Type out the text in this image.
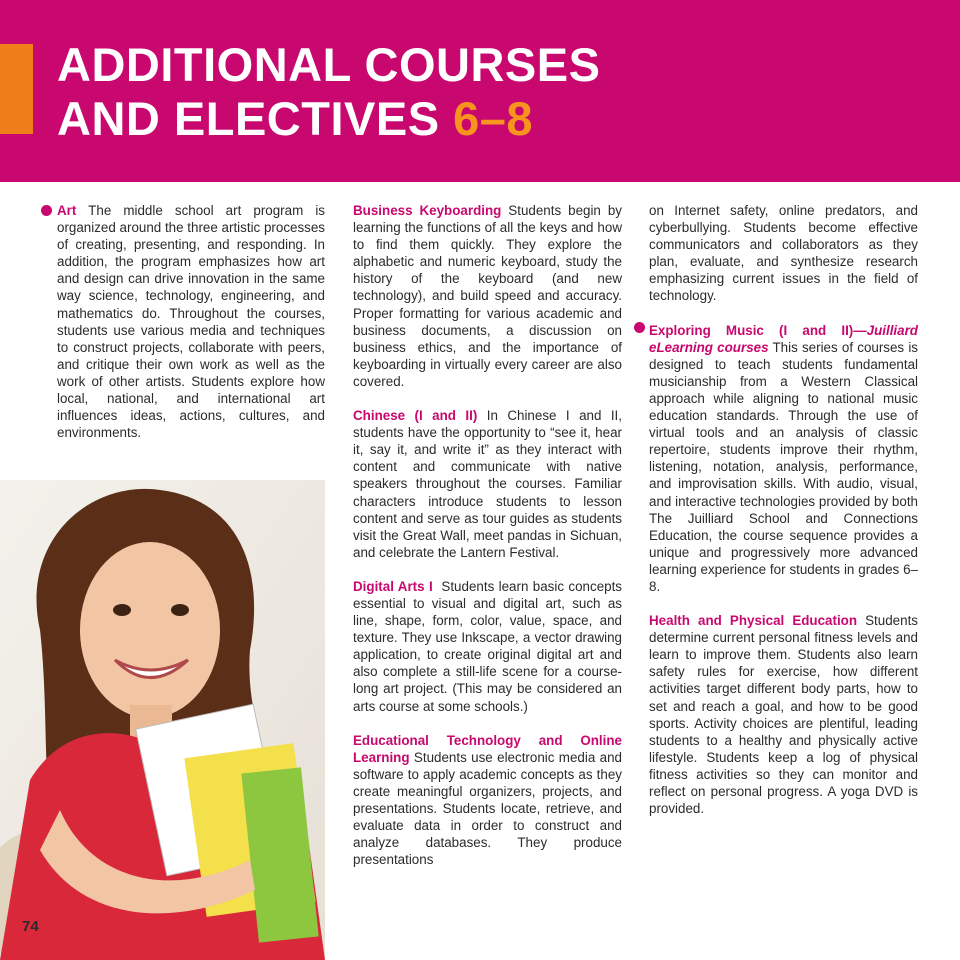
ADDITIONAL COURSES
AND ELECTIVES 6–8

Art The middle school art program is organized around the three artistic processes of creating, presenting, and responding. In addition, the program emphasizes how art and design can drive innovation in the same way science, technology, engineering, and mathematics do. Throughout the courses, students use various media and techniques to construct projects, collaborate with peers, and critique their own work as well as the work of other artists. Students explore how local, national, and international art influences ideas, actions, cultures, and environments.

74

Business Keyboarding Students begin by learning the functions of all the keys and how to find them quickly. They explore the alphabetic and numeric keyboard, study the history of the keyboard (and new technology), and build speed and accuracy. Proper formatting for various academic and business documents, a discussion on business ethics, and the importance of keyboarding in virtually every career are also covered.

Chinese (I and II) In Chinese I and II, students have the opportunity to “see it, hear it, say it, and write it” as they interact with content and communicate with native speakers throughout the courses. Familiar characters introduce students to lesson content and serve as tour guides as students visit the Great Wall, meet pandas in Sichuan, and celebrate the Lantern Festival.

Digital Arts I  Students learn basic concepts essential to visual and digital art, such as line, shape, form, color, value, space, and texture. They use Inkscape, a vector drawing application, to create original digital art and also complete a still-life scene for a course-long art project. (This may be considered an arts course at some schools.)

Educational Technology and Online Learning Students use electronic media and software to apply academic concepts as they create meaningful organizers, projects, and presentations. Students locate, retrieve, and evaluate data in order to construct and analyze databases. They produce presentations

on Internet safety, online predators, and cyberbullying. Students become effective communicators and collaborators as they plan, evaluate, and synthesize research emphasizing current issues in the field of technology.

Exploring Music (I and II)—Juilliard eLearning courses This series of courses is designed to teach students fundamental musicianship from a Western Classical approach while aligning to national music education standards. Through the use of virtual tools and an analysis of classic repertoire, students improve their rhythm, listening, notation, analysis, performance, and improvisation skills. With audio, visual, and interactive technologies provided by both The Juilliard School and Connections Education, the course sequence provides a unique and progressively more advanced learning experience for students in grades 6–8.

Health and Physical Education Students determine current personal fitness levels and learn to improve them. Students also learn safety rules for exercise, how different activities target different body parts, how to set and reach a goal, and how to be good sports. Activity choices are plentiful, leading students to a healthy and physically active lifestyle. Students keep a log of physical fitness activities so they can monitor and reflect on personal progress. A yoga DVD is provided.
